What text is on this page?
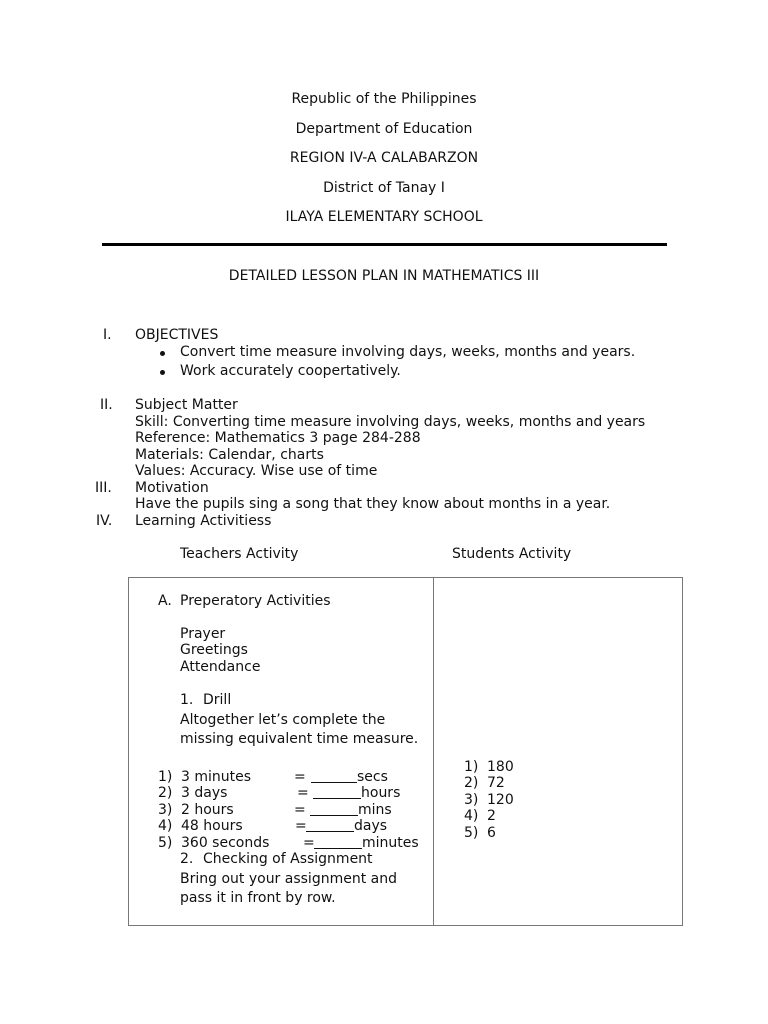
Republic of the Philippines
Department of Education
REGION IV-A CALABARZON
District of Tanay I
ILAYA ELEMENTARY SCHOOL
DETAILED LESSON PLAN IN MATHEMATICS III
I. OBJECTIVES
Convert time measure involving days, weeks, months and years.
Work accurately coopertatively.
II. Subject Matter
Skill: Converting time measure involving days, weeks, months and years
Reference: Mathematics 3 page 284-288
Materials: Calendar, charts
Values: Accuracy. Wise use of time
III. Motivation
Have the pupils sing a song that they know about months in a year.
IV. Learning Activitiess
Teachers Activity	Students Activity
A. Preperatory Activities
Prayer
Greetings
Attendance
1. Drill
Altogether let’s complete the
missing equivalent time measure.
1) 3 minutes	=	secs
2) 3 days	=	hours
3) 2 hours	=	mins
4) 48 hours	=	days
5) 360 seconds =	minutes
2. Checking of Assignment
Bring out your assignment and
pass it in front by row.
1) 180
2) 72
3) 120
4) 2
5) 6
